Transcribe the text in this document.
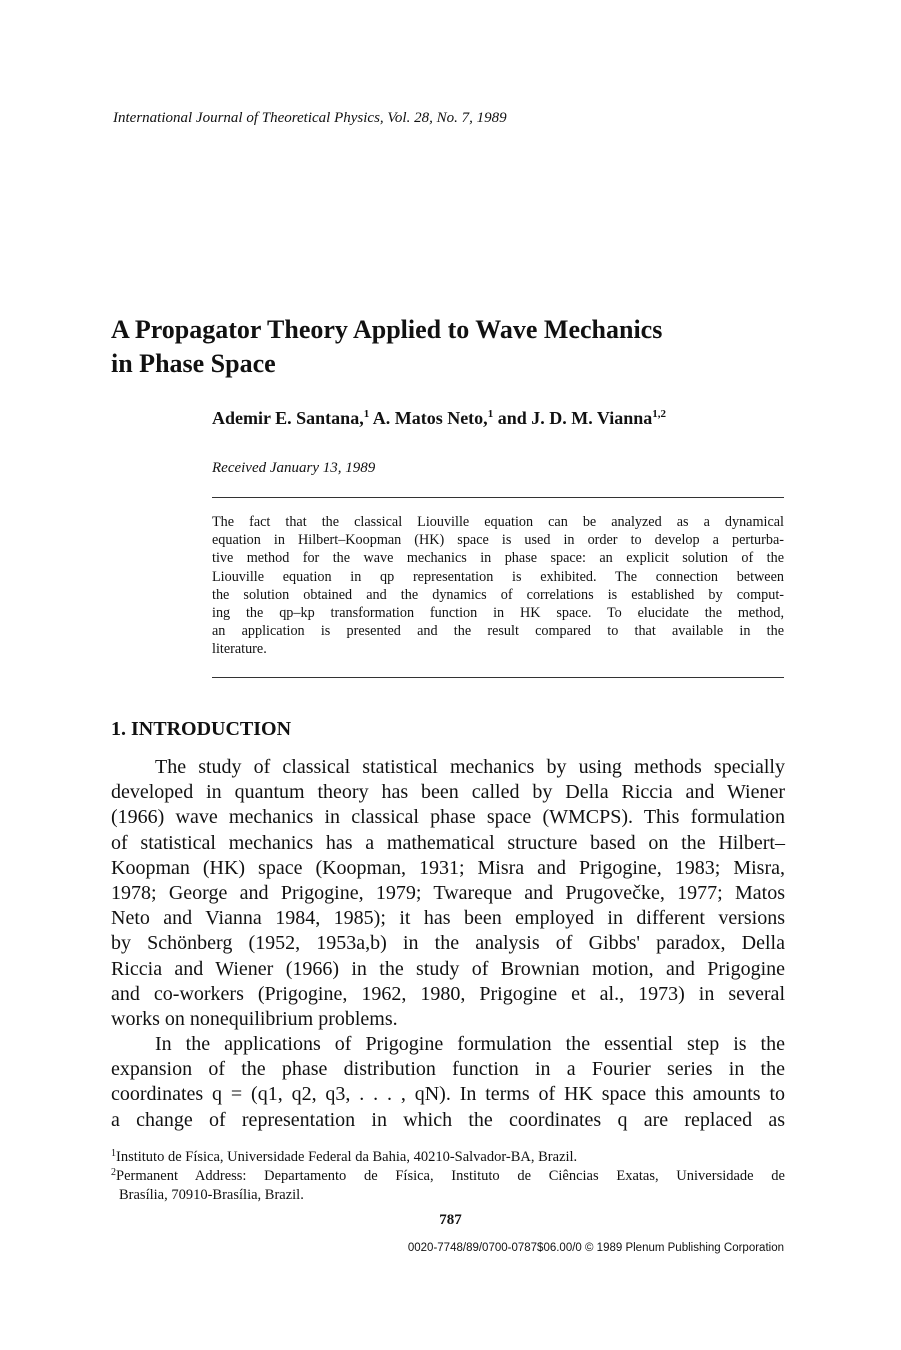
International Journal of Theoretical Physics, Vol. 28, No. 7, 1989
A Propagator Theory Applied to Wave Mechanics
in Phase Space
Ademir E. Santana,$^1$ A. Matos Neto,$^1$ and J. D. M. Vianna$^{1,2}$
Received January 13, 1989
The fact that the classical Liouville equation can be analyzed as a dynamical
equation in Hilbert–Koopman (HK) space is used in order to develop a perturba-
tive method for the wave mechanics in phase space: an explicit solution of the
Liouville equation in qp representation is exhibited. The connection between
the solution obtained and the dynamics of correlations is established by comput-
ing the qp–kp transformation function in HK space. To elucidate the method,
an application is presented and the result compared to that available in the
literature.
1. INTRODUCTION
The study of classical statistical mechanics by using methods specially
developed in quantum theory has been called by Della Riccia and Wiener
(1966) wave mechanics in classical phase space (WMCPS). This formulation
of statistical mechanics has a mathematical structure based on the Hilbert–
Koopman (HK) space (Koopman, 1931; Misra and Prigogine, 1983; Misra,
1978; George and Prigogine, 1979; Twareque and Prugovečke, 1977; Matos
Neto and Vianna 1984, 1985); it has been employed in different versions
by Schönberg (1952, 1953a,b) in the analysis of Gibbs' paradox, Della
Riccia and Wiener (1966) in the study of Brownian motion, and Prigogine
and co-workers (Prigogine, 1962, 1980, Prigogine et al., 1973) in several
works on nonequilibrium problems.
In the applications of Prigogine formulation the essential step is the
expansion of the phase distribution function in a Fourier series in the
coordinates q = (q1, q2, q3, . . . , qN). In terms of HK space this amounts to
a change of representation in which the coordinates q are replaced as
$^1$Instituto de Física, Universidade Federal da Bahia, 40210-Salvador-BA, Brazil.
$^2$Permanent Address: Departamento de Física, Instituto de Ciências Exatas, Universidade de
Brasília, 70910-Brasília, Brazil.
787
0020-7748/89/0700-0787$06.00/0 © 1989 Plenum Publishing Corporation
